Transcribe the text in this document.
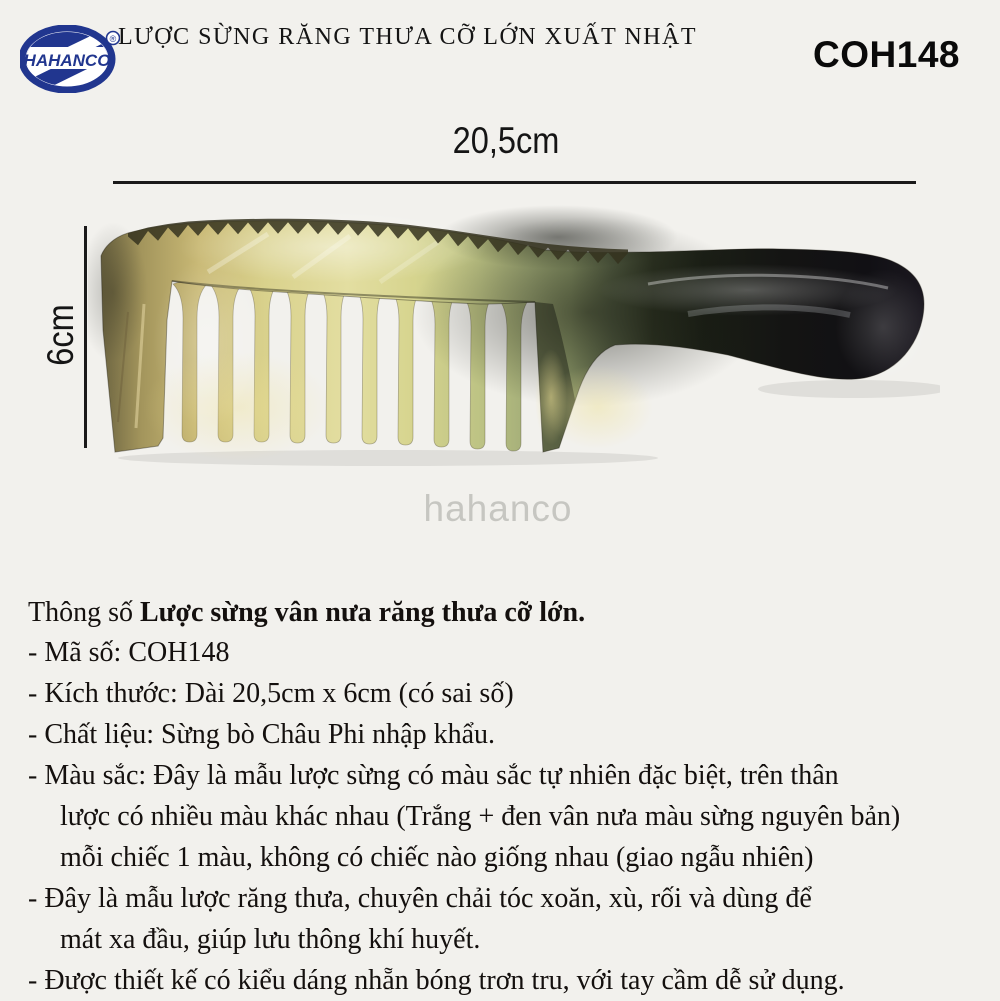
HAHANCO
® LƯỢC SỪNG RĂNG THƯA CỠ LỚN XUẤT NHẬT	COH148
20,5cm
6cm
hahanco
Thông số Lược sừng vân nưa răng thưa cỡ lớn.
- Mã số: COH148
- Kích thước: Dài 20,5cm x 6cm (có sai số)
- Chất liệu: Sừng bò Châu Phi nhập khẩu.
- Màu sắc: Đây là mẫu lược sừng có màu sắc tự nhiên đặc biệt, trên thân
lược có nhiều màu khác nhau (Trắng + đen vân nưa màu sừng nguyên bản)
mỗi chiếc 1 màu, không có chiếc nào giống nhau (giao ngẫu nhiên)
- Đây là mẫu lược răng thưa, chuyên chải tóc xoăn, xù, rối và dùng để
mát xa đầu, giúp lưu thông khí huyết.
- Được thiết kế có kiểu dáng nhẵn bóng trơn tru, với tay cầm dễ sử dụng.
